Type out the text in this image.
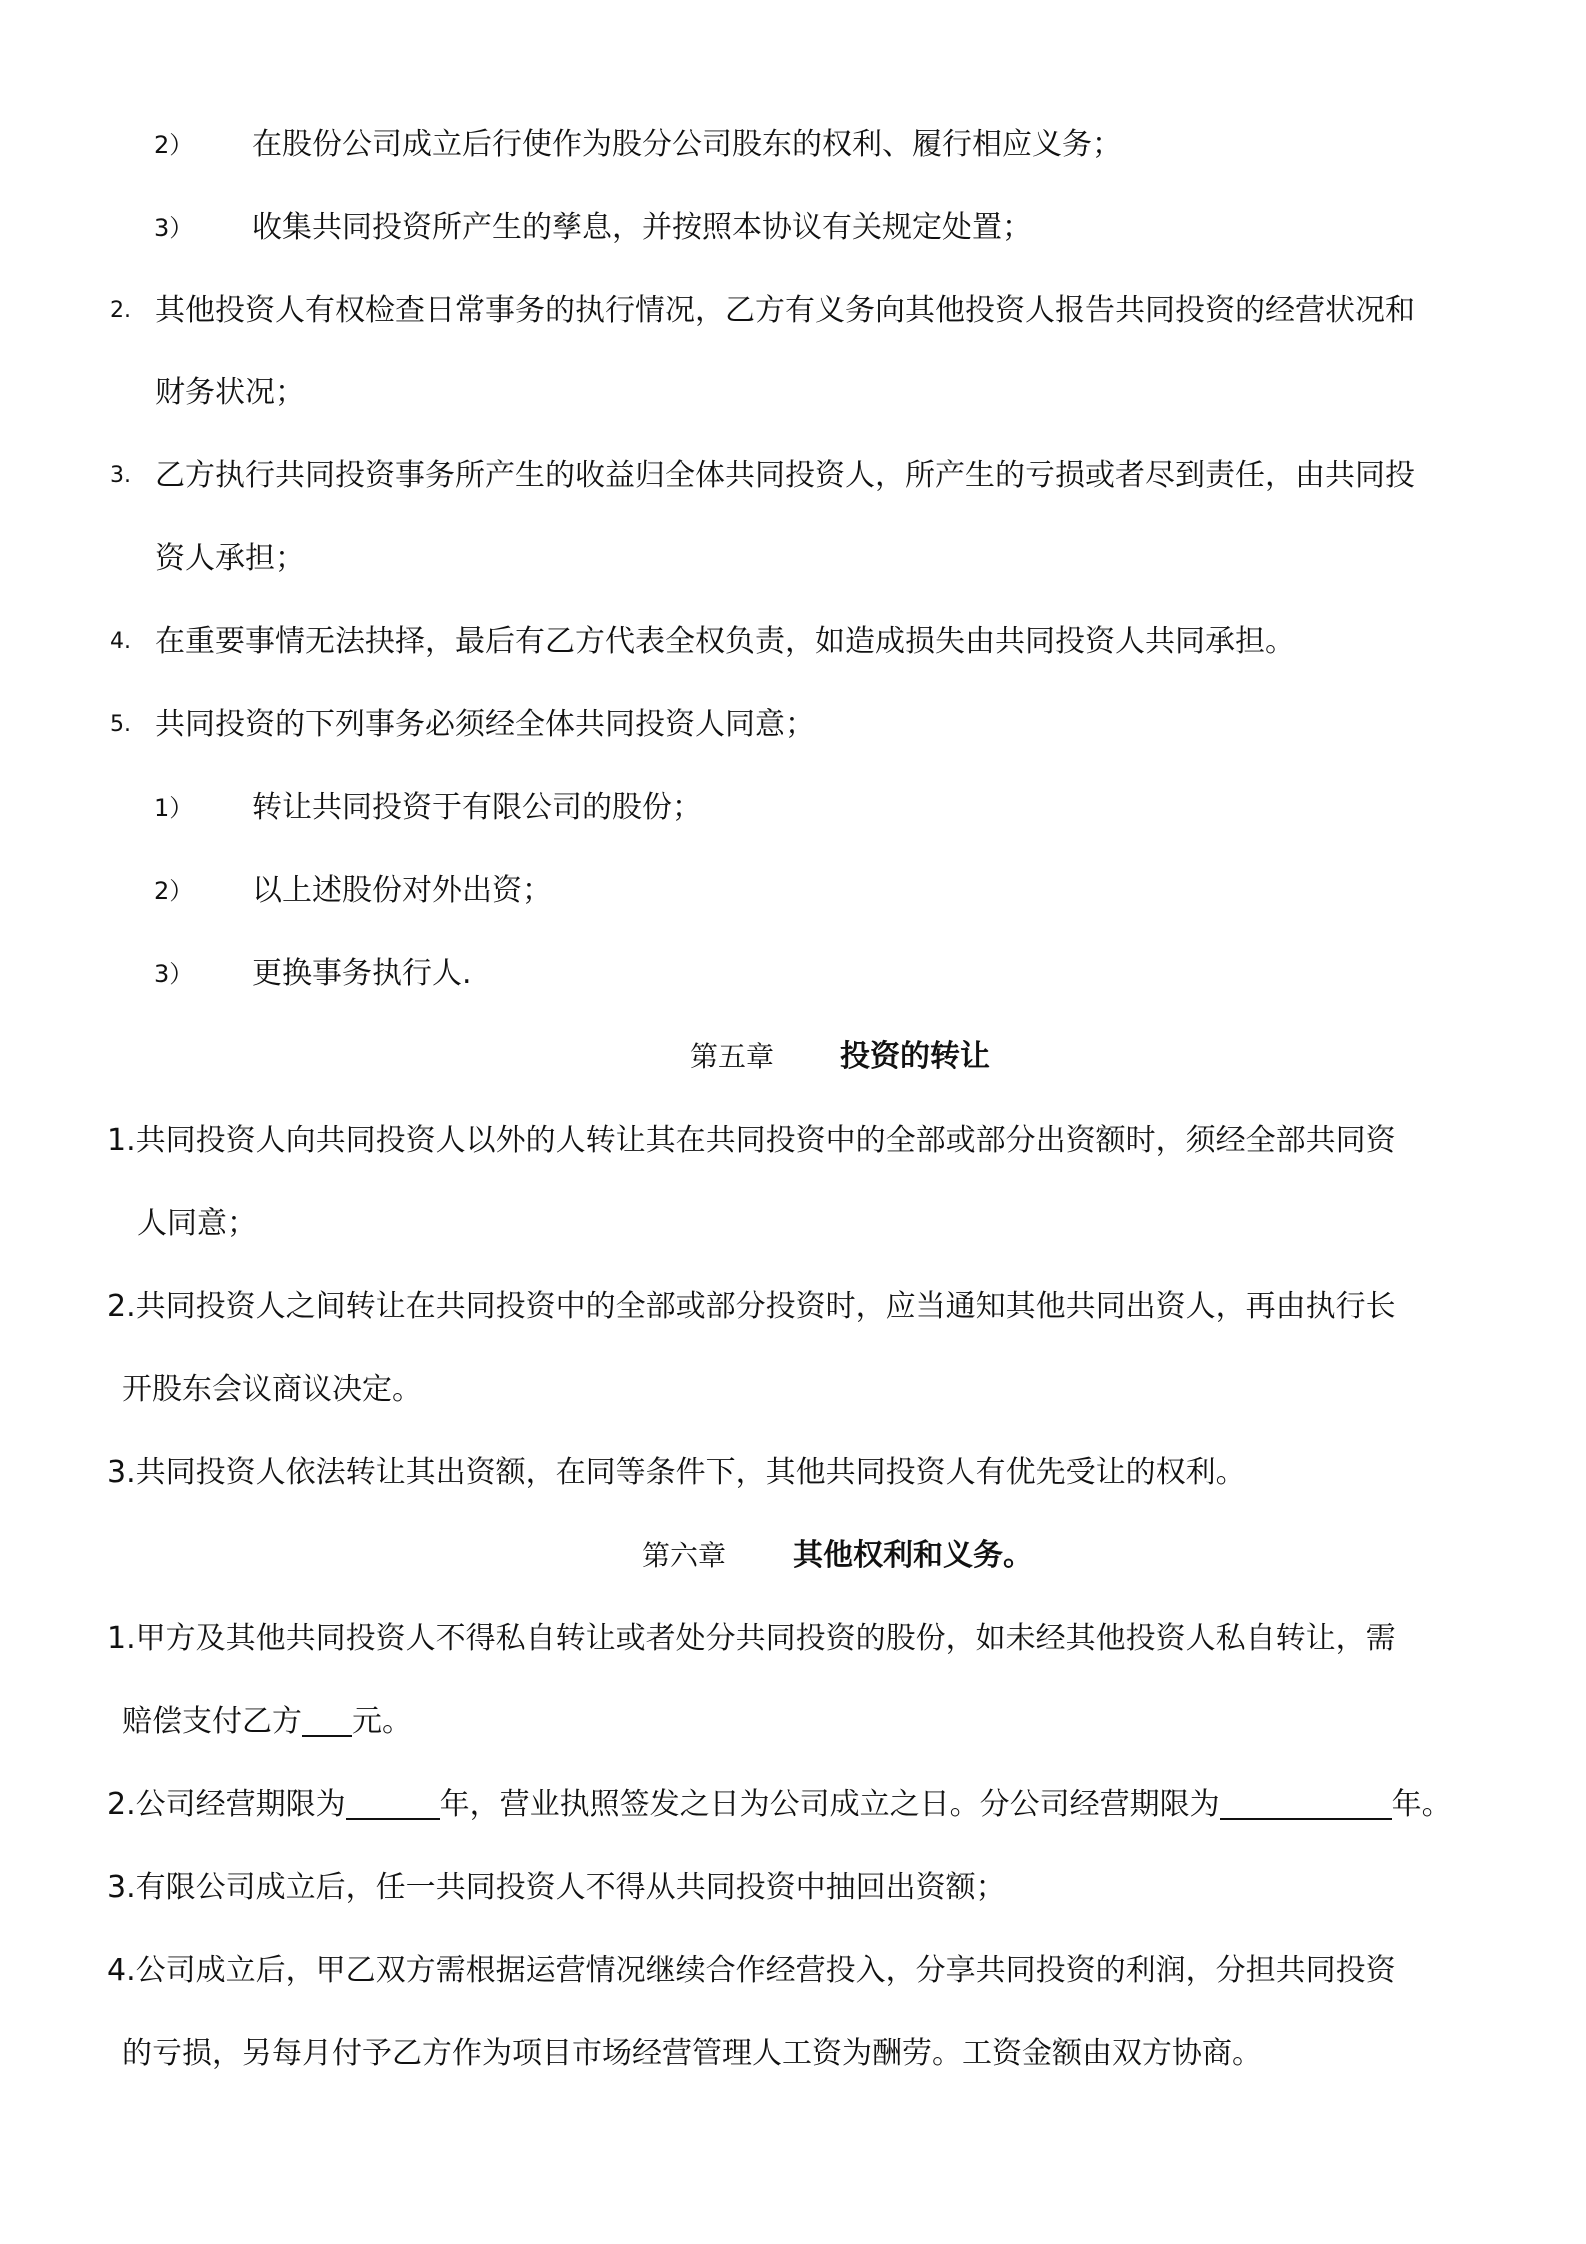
2） 在股份公司成立后行使作为股分公司股东的权利、履行相应义务；
3） 收集共同投资所产生的孳息，并按照本协议有关规定处置；
2. 其他投资人有权检查日常事务的执行情况，乙方有义务向其他投资人报告共同投资的经营状况和
财务状况；
3. 乙方执行共同投资事务所产生的收益归全体共同投资人，所产生的亏损或者尽到责任，由共同投
资人承担；
4. 在重要事情无法抉择，最后有乙方代表全权负责，如造成损失由共同投资人共同承担。
5. 共同投资的下列事务必须经全体共同投资人同意；
1） 转让共同投资于有限公司的股份；
2） 以上述股份对外出资；
3） 更换事务执行人.
第五章 投资的转让
1.共同投资人向共同投资人以外的人转让其在共同投资中的全部或部分出资额时，须经全部共同资
人同意；
2.共同投资人之间转让在共同投资中的全部或部分投资时，应当通知其他共同出资人，再由执行长
开股东会议商议决定。
3.共同投资人依法转让其出资额，在同等条件下，其他共同投资人有优先受让的权利。
第六章 其他权利和义务。
1.甲方及其他共同投资人不得私自转让或者处分共同投资的股份，如未经其他投资人私自转让，需
赔偿支付乙方 元。
2.公司经营期限为	年，营业执照签发之日为公司成立之日。分公司经营期限为	年。
3.有限公司成立后，任一共同投资人不得从共同投资中抽回出资额；
4.公司成立后，甲乙双方需根据运营情况继续合作经营投入，分享共同投资的利润，分担共同投资
的亏损，另每月付予乙方作为项目市场经营管理人工资为酬劳。工资金额由双方协商。
